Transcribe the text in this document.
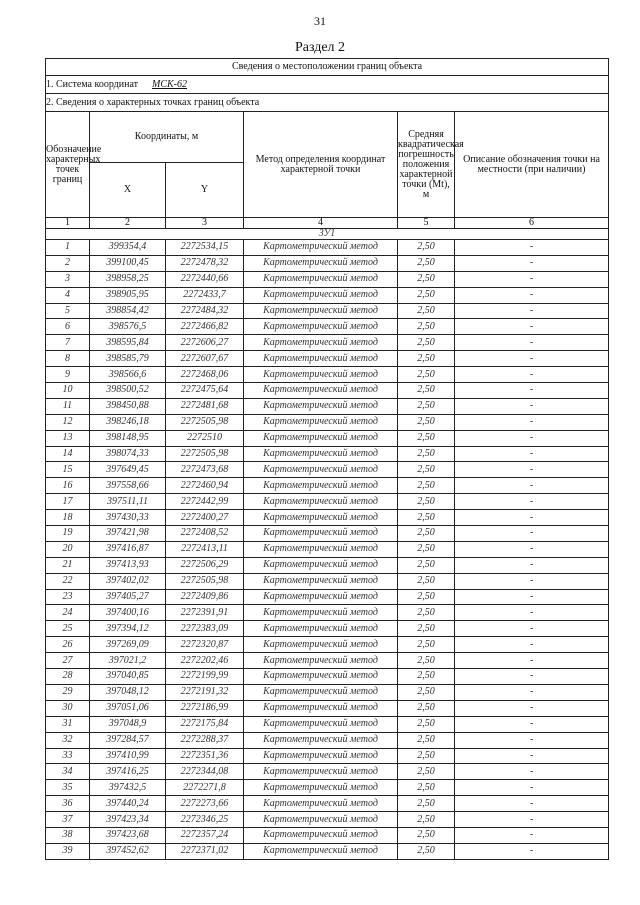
31
Раздел 2
Сведения о местоположении границ объекта					
1. Система координат МСК-62					
2. Сведения о характерных точках границ объекта					
Обозначение характерных точек границ	Координаты, м		Метод определения координат характерной точки	Средняя квадратическая погрешность положения характерной точки (Mt), м	Описание обозначения точки на местности (при наличии)
	X	Y			
1	2	3	4	5	6
ЗУ1					
1	399354,4	2272534,15	Картометрический метод	2,50	-
2	399100,45	2272478,32	Картометрический метод	2,50	-
3	398958,25	2272440,66	Картометрический метод	2,50	-
4	398905,95	2272433,7	Картометрический метод	2,50	-
5	398854,42	2272484,32	Картометрический метод	2,50	-
6	398576,5	2272466,82	Картометрический метод	2,50	-
7	398595,84	2272606,27	Картометрический метод	2,50	-
8	398585,79	2272607,67	Картометрический метод	2,50	-
9	398566,6	2272468,06	Картометрический метод	2,50	-
10	398500,52	2272475,64	Картометрический метод	2,50	-
11	398450,88	2272481,68	Картометрический метод	2,50	-
12	398246,18	2272505,98	Картометрический метод	2,50	-
13	398148,95	2272510	Картометрический метод	2,50	-
14	398074,33	2272505,98	Картометрический метод	2,50	-
15	397649,45	2272473,68	Картометрический метод	2,50	-
16	397558,66	2272460,94	Картометрический метод	2,50	-
17	397511,11	2272442,99	Картометрический метод	2,50	-
18	397430,33	2272400,27	Картометрический метод	2,50	-
19	397421,98	2272408,52	Картометрический метод	2,50	-
20	397416,87	2272413,11	Картометрический метод	2,50	-
21	397413,93	2272506,29	Картометрический метод	2,50	-
22	397402,02	2272505,98	Картометрический метод	2,50	-
23	397405,27	2272409,86	Картометрический метод	2,50	-
24	397400,16	2272391,91	Картометрический метод	2,50	-
25	397394,12	2272383,09	Картометрический метод	2,50	-
26	397269,09	2272320,87	Картометрический метод	2,50	-
27	397021,2	2272202,46	Картометрический метод	2,50	-
28	397040,85	2272199,99	Картометрический метод	2,50	-
29	397048,12	2272191,32	Картометрический метод	2,50	-
30	397051,06	2272186,99	Картометрический метод	2,50	-
31	397048,9	2272175,84	Картометрический метод	2,50	-
32	397284,57	2272288,37	Картометрический метод	2,50	-
33	397410,99	2272351,36	Картометрический метод	2,50	-
34	397416,25	2272344,08	Картометрический метод	2,50	-
35	397432,5	2272271,8	Картометрический метод	2,50	-
36	397440,24	2272273,66	Картометрический метод	2,50	-
37	397423,34	2272346,25	Картометрический метод	2,50	-
38	397423,68	2272357,24	Картометрический метод	2,50	-
39	397452,62	2272371,02	Картометрический метод	2,50	-
